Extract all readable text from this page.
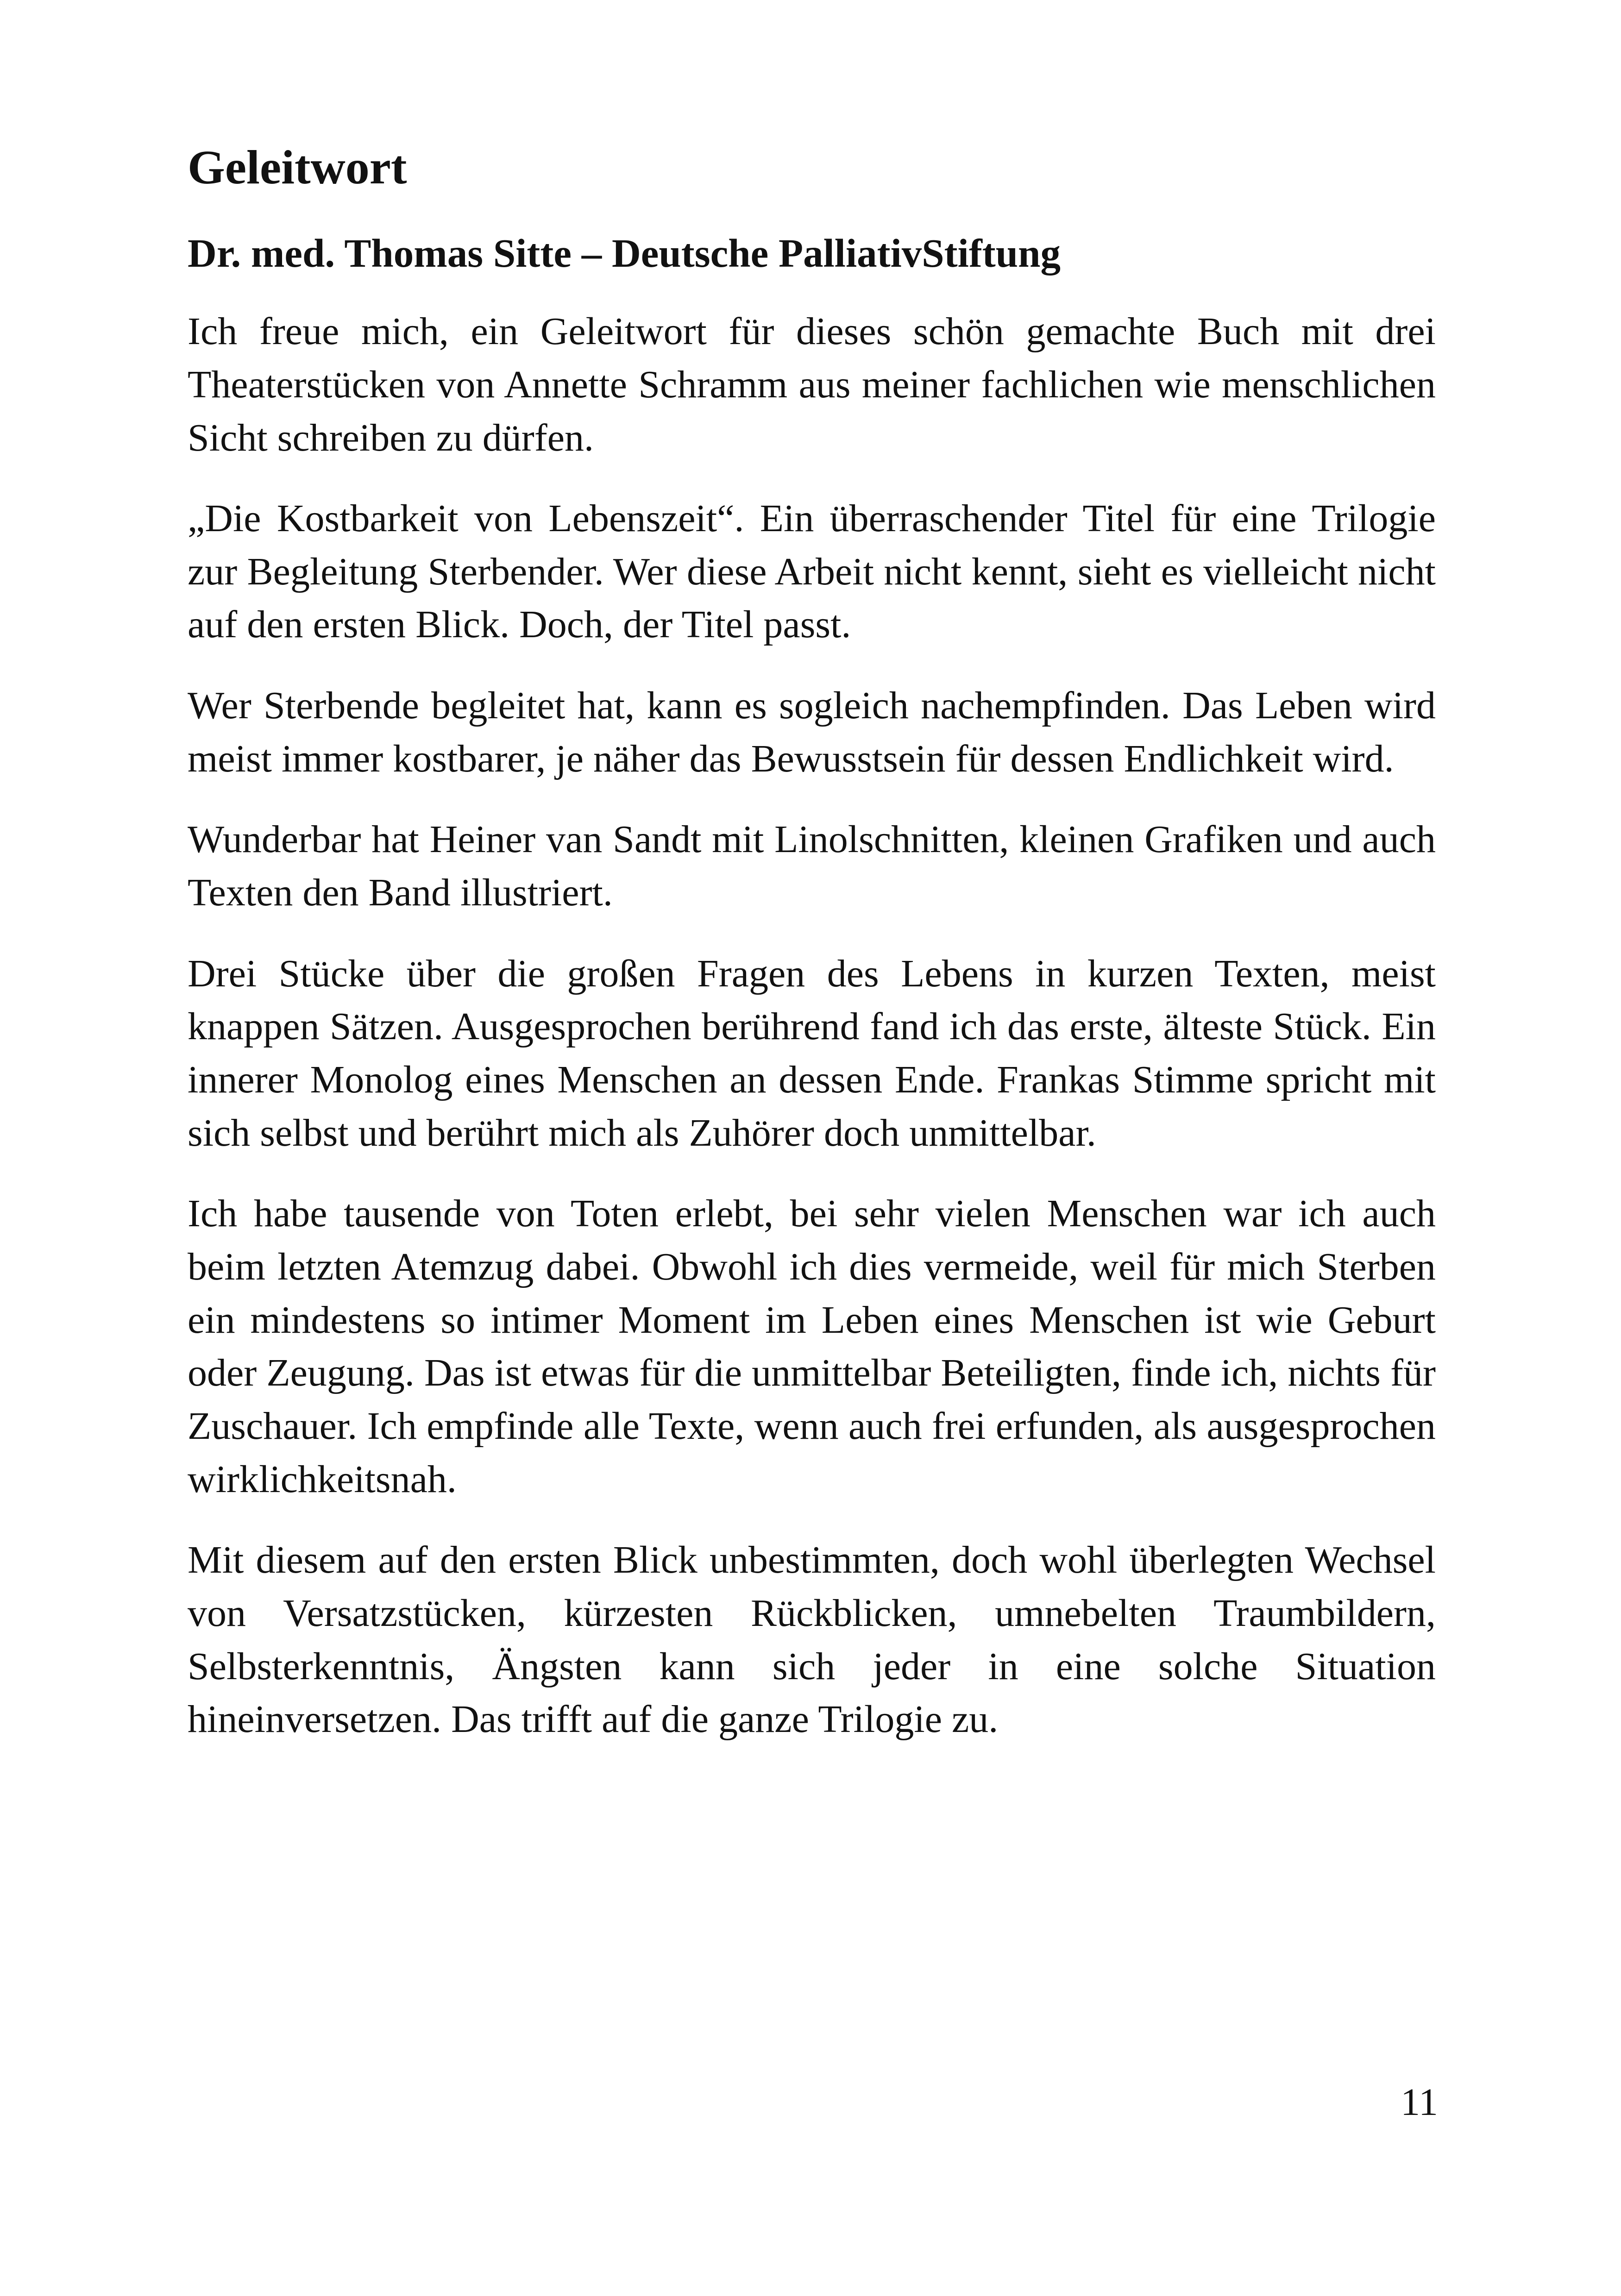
Geleitwort
Dr. med. Thomas Sitte – Deutsche PalliativStiftung

Ich freue mich, ein Geleitwort für dieses schön gemachte Buch mit drei Theaterstücken von Annette Schramm aus meiner fachlichen wie menschlichen Sicht schreiben zu dürfen.

„Die Kostbarkeit von Lebenszeit“. Ein überraschender Titel für eine Trilogie zur Begleitung Sterbender. Wer diese Arbeit nicht kennt, sieht es vielleicht nicht auf den ersten Blick. Doch, der Titel passt.

Wer Sterbende begleitet hat, kann es sogleich nachempfinden. Das Leben wird meist immer kostbarer, je näher das Bewusstsein für dessen Endlichkeit wird.

Wunderbar hat Heiner van Sandt mit Linolschnitten, kleinen Grafiken und auch Texten den Band illustriert.

Drei Stücke über die großen Fragen des Lebens in kurzen Texten, meist knappen Sätzen. Ausgesprochen berührend fand ich das erste, älteste Stück. Ein innerer Monolog eines Menschen an dessen Ende. Frankas Stimme spricht mit sich selbst und berührt mich als Zuhörer doch unmittelbar.

Ich habe tausende von Toten erlebt, bei sehr vielen Menschen war ich auch beim letzten Atemzug dabei. Obwohl ich dies vermeide, weil für mich Sterben ein mindestens so intimer Moment im Leben eines Menschen ist wie Geburt oder Zeugung. Das ist etwas für die unmittelbar Beteiligten, finde ich, nichts für Zuschauer. Ich empfinde alle Texte, wenn auch frei erfunden, als ausgesprochen wirklichkeitsnah.

Mit diesem auf den ersten Blick unbestimmten, doch wohl überlegten Wechsel von Versatzstücken, kürzesten Rückblicken, umnebelten Traumbildern, Selbsterkenntnis, Ängsten kann sich jeder in eine solche Situation hineinversetzen. Das trifft auf die ganze Trilogie zu.

11
